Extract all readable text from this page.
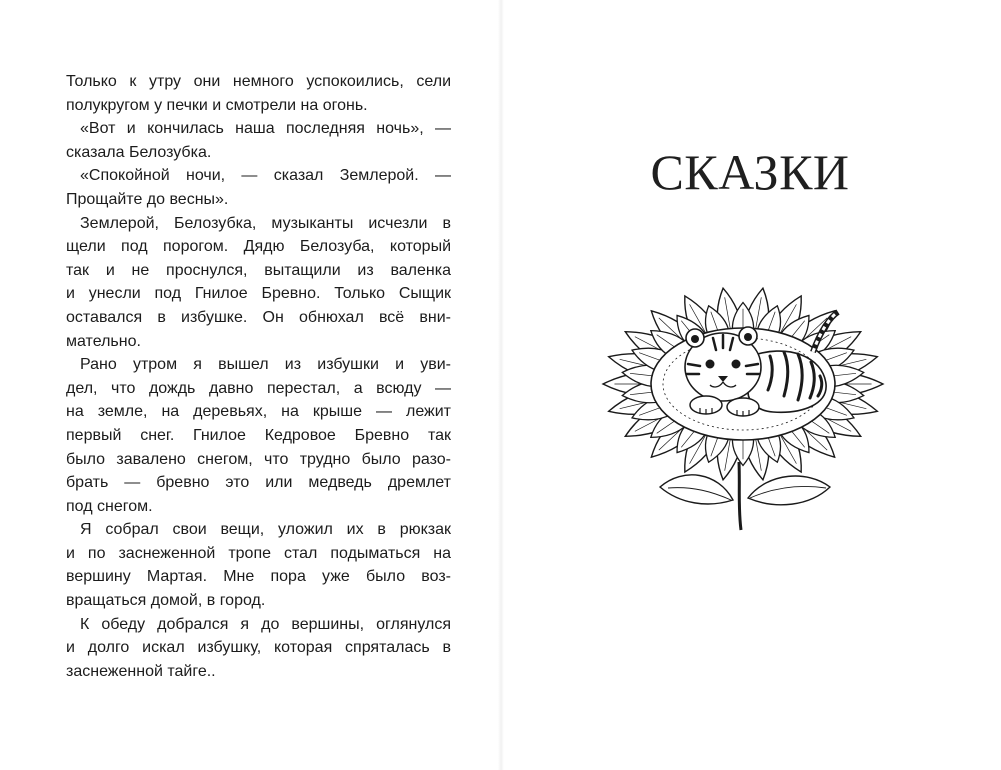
Только к утру они немного успокоились, сели
полукругом у печки и смотрели на огонь.
«Вот и кончилась наша последняя ночь», —
сказала Белозубка.
«Спокойной ночи, — сказал Землерой. —
Прощайте до весны».
Землерой, Белозубка, музыканты исчезли в
щели под порогом. Дядю Белозуба, который
так и не проснулся, вытащили из валенка
и унесли под Гнилое Бревно. Только Сыщик
оставался в избушке. Он обнюхал всё вни-
мательно.
Рано утром я вышел из избушки и уви-
дел, что дождь давно перестал, а всюду —
на земле, на деревьях, на крыше — лежит
первый снег. Гнилое Кедровое Бревно так
было завалено снегом, что трудно было разо-
брать — бревно это или медведь дремлет
под снегом.
Я собрал свои вещи, уложил их в рюкзак
и по заснеженной тропе стал подыматься на
вершину Мартая. Мне пора уже было воз-
вращаться домой, в город.
К обеду добрался я до вершины, оглянулся
и долго искал избушку, которая спряталась в
заснеженной тайге..
СКАЗКИ
